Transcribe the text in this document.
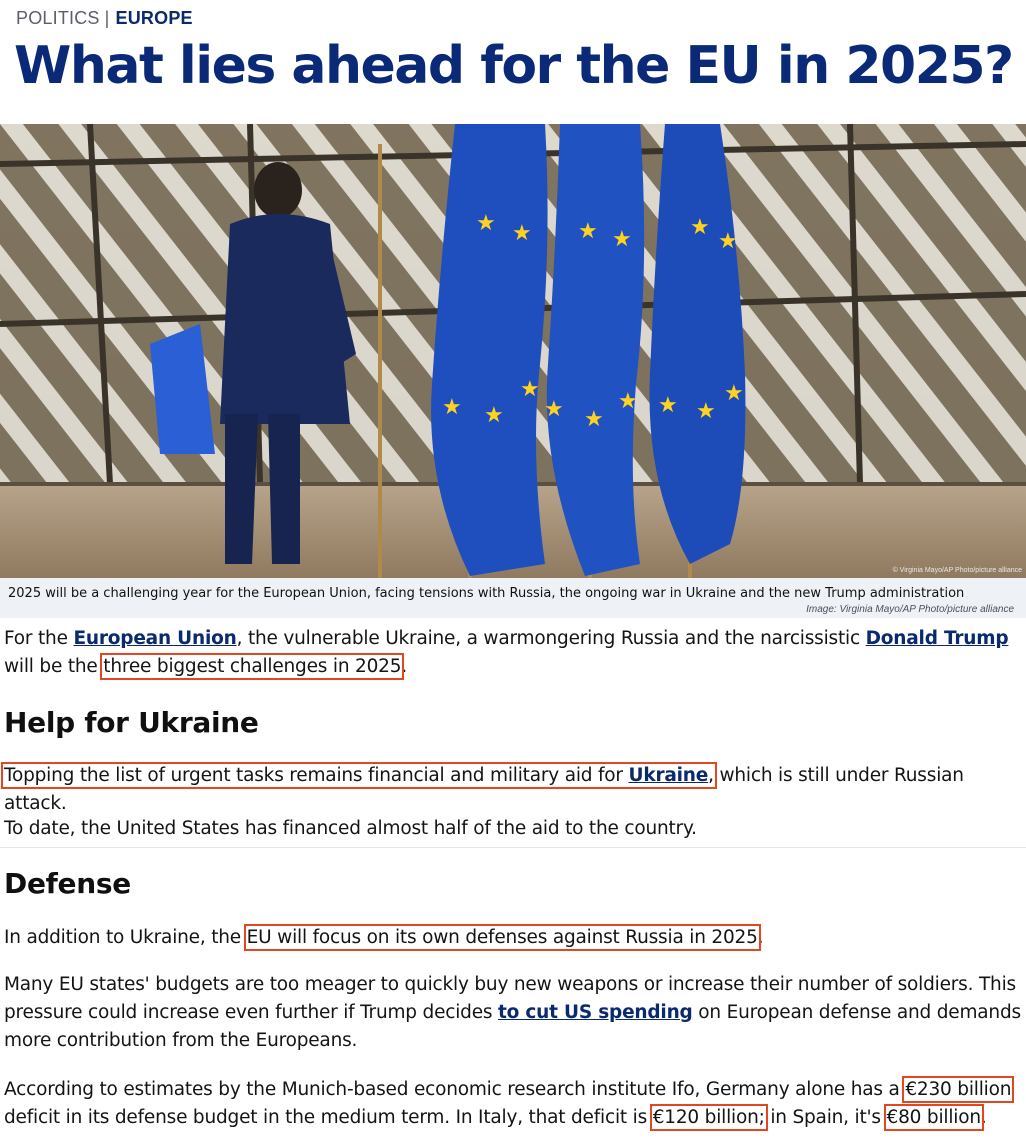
POLITICS | EUROPE
What lies ahead for the EU in 2025?
★ ★
★ ★
★
★ ★
★ ★
★
★
★
★ ★
★
© Virginia Mayo/AP Photo/picture alliance
2025 will be a challenging year for the European Union, facing tensions with Russia, the ongoing war in Ukraine and the new Trump administration
Image: Virginia Mayo/AP Photo/picture alliance

For the European Union, the vulnerable Ukraine, a warmongering Russia and the narcissistic Donald Trump will be the three biggest challenges in 2025.

Help for Ukraine

Topping the list of urgent tasks remains financial and military aid for Ukraine, which is still under Russian attack.

To date, the United States has financed almost half of the aid to the country.

Defense

In addition to Ukraine, the EU will focus on its own defenses against Russia in 2025.

Many EU states' budgets are too meager to quickly buy new weapons or increase their number of soldiers. This pressure could increase even further if Trump decides to cut US spending on European defense and demands more contribution from the Europeans.

According to estimates by the Munich-based economic research institute Ifo, Germany alone has a €230 billion deficit in its defense budget in the medium term. In Italy, that deficit is €120 billion; in Spain, it's €80 billion.
